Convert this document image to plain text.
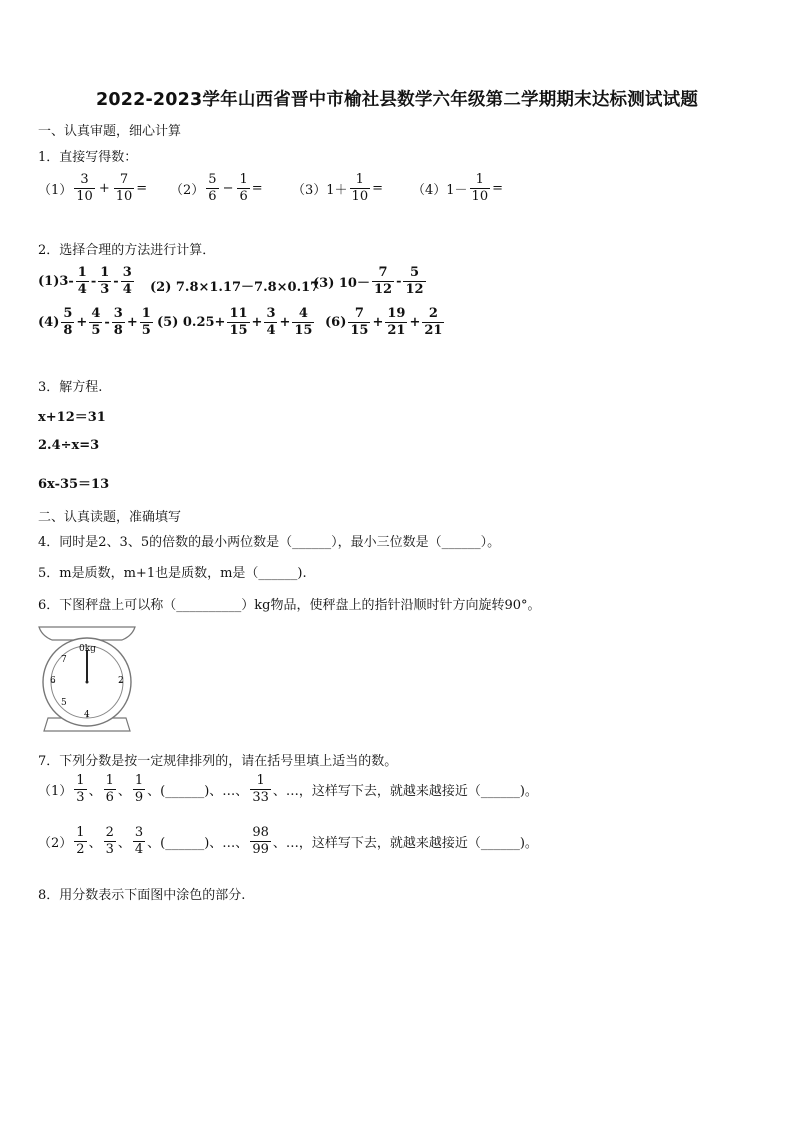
2022-2023学年山西省晋中市榆社县数学六年级第二学期期末达标测试试题
一、认真审题，细心计算
1．直接写得数：
$(1) \frac{3}{10} + \frac{7}{10} = (2) \frac{5}{6} - \frac{1}{6} = (3)1+ \frac{1}{10} = (4)1- \frac{1}{10}$ =
2．选择合理的方法进行计算．
$(1)3- \frac{1}{4} - \frac{1}{3} - \frac{3}{4} (2)$ 7.8×1.17－7.8×0.17
(3) $10- \frac{7}{12} - \frac{5}{12}$
$(4) \frac{5}{8} + \frac{4}{5} - \frac{3}{8} + \frac{1}{5} (5)$ $0.25+ \frac{11}{15} + \frac{3}{4} + \frac{4}{15} (6) \frac{7}{15} + \frac{19}{21} + \frac{2}{21}$
3．解方程.
x+12＝31
2.4÷x=3
6x-35＝13
二、认真读题，准确填写
4．同时是2、3、5的倍数的最小两位数是（______），最小三位数是（______）。
5．m是质数，m+1也是质数，m是（______).
6．下图秤盘上可以称（__________）kg物品，使秤盘上的指针沿顺时针方向旋转90°。
0kg
7
6
5
2
4
7．下列分数是按一定规律排列的，请在括号里填上适当的数。
$(1) \frac{1}{3}$ 、 $\frac{1}{6}$ 、 $\frac{1}{9}$ 、(______)、…、 $\frac{1}{33}$ 、…，这样写下去，就越来越接近（______)。
$(2) \frac{1}{2}$ 、 $\frac{2}{3}$ 、 $\frac{3}{4}$ 、(______)、…、 $\frac{98}{99}$ 、…，这样写下去，就越来越接近（______)。
8．用分数表示下面图中涂色的部分.
